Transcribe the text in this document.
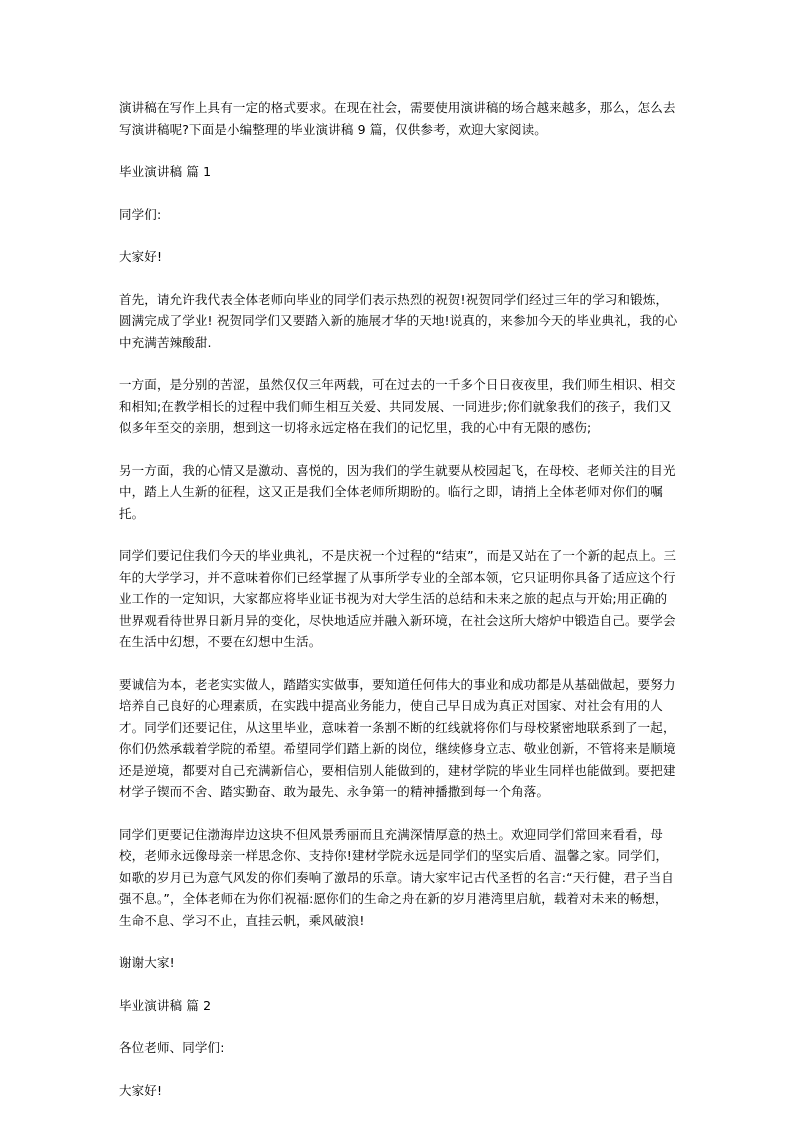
演讲稿在写作上具有一定的格式要求。在现在社会，需要使用演讲稿的场合越来越多，那么，怎么去写演讲稿呢?下面是小编整理的毕业演讲稿 9 篇，仅供参考，欢迎大家阅读。

毕业演讲稿 篇 1

同学们:

大家好!

首先，请允许我代表全体老师向毕业的同学们表示热烈的祝贺!祝贺同学们经过三年的学习和锻炼，圆满完成了学业! 祝贺同学们又要踏入新的施展才华的天地!说真的，来参加今天的毕业典礼，我的心中充满苦辣酸甜.

一方面，是分别的苦涩，虽然仅仅三年两载，可在过去的一千多个日日夜夜里，我们师生相识、相交和相知;在教学相长的过程中我们师生相互关爱、共同发展、一同进步;你们就象我们的孩子，我们又似多年至交的亲朋，想到这一切将永远定格在我们的记忆里，我的心中有无限的感伤;

另一方面，我的心情又是激动、喜悦的，因为我们的学生就要从校园起飞，在母校、老师关注的目光中，踏上人生新的征程，这又正是我们全体老师所期盼的。临行之即，请捎上全体老师对你们的嘱托。

同学们要记住我们今天的毕业典礼，不是庆祝一个过程的“结束”，而是又站在了一个新的起点上。三年的大学学习，并不意味着你们已经掌握了从事所学专业的全部本领，它只证明你具备了适应这个行业工作的一定知识，大家都应将毕业证书视为对大学生活的总结和未来之旅的起点与开始;用正确的世界观看待世界日新月异的变化，尽快地适应并融入新环境，在社会这所大熔炉中锻造自己。要学会在生活中幻想，不要在幻想中生活。

要诚信为本，老老实实做人，踏踏实实做事，要知道任何伟大的事业和成功都是从基础做起，要努力培养自己良好的心理素质，在实践中提高业务能力，使自己早日成为真正对国家、对社会有用的人才。同学们还要记住，从这里毕业，意味着一条割不断的红线就将你们与母校紧密地联系到了一起，你们仍然承载着学院的希望。希望同学们踏上新的岗位，继续修身立志、敬业创新，不管将来是顺境还是逆境，都要对自己充满新信心，要相信别人能做到的，建材学院的毕业生同样也能做到。要把建材学子锲而不舍、踏实勤奋、敢为最先、永争第一的精神播撒到每一个角落。

同学们更要记住渤海岸边这块不但风景秀丽而且充满深情厚意的热土。欢迎同学们常回来看看，母校，老师永远像母亲一样思念你、支持你!建材学院永远是同学们的坚实后盾、温馨之家。同学们，如歌的岁月已为意气风发的你们奏响了激昂的乐章。请大家牢记古代圣哲的名言:“天行健，君子当自强不息。”，全体老师在为你们祝福:愿你们的生命之舟在新的岁月港湾里启航，载着对未来的畅想，生命不息、学习不止，直挂云帆，乘风破浪!

谢谢大家!

毕业演讲稿 篇 2

各位老师、同学们:

大家好!
